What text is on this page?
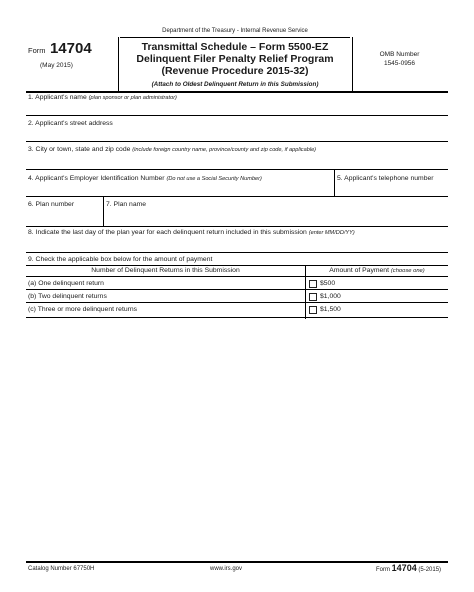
Department of the Treasury - Internal Revenue Service
Form 14704
(May 2015)
Transmittal Schedule – Form 5500-EZ
Delinquent Filer Penalty Relief Program
(Revenue Procedure 2015-32)
(Attach to Oldest Delinquent Return in this Submission)
OMB Number
1545-0956
1. Applicant's name (plan sponsor or plan administrator)
2. Applicant's street address
3. City or town, state and zip code (include foreign country name, province/county and zip code, if applicable)
4. Applicant's Employer Identification Number (Do not use a Social Security Number)	5. Applicant's telephone number
6. Plan number	7. Plan name
8. Indicate the last day of the plan year for each delinquent return included in this submission (enter MM/DD/YY)
9. Check the applicable box below for the amount of payment
Number of Delinquent Returns in this Submission	Amount of Payment (choose one)
(a) One delinquent return	$500
(b) Two delinquent returns	$1,000
(c) Three or more delinquent returns	$1,500
Catalog Number 67750H	www.irs.gov	Form 14704 (5-2015)
